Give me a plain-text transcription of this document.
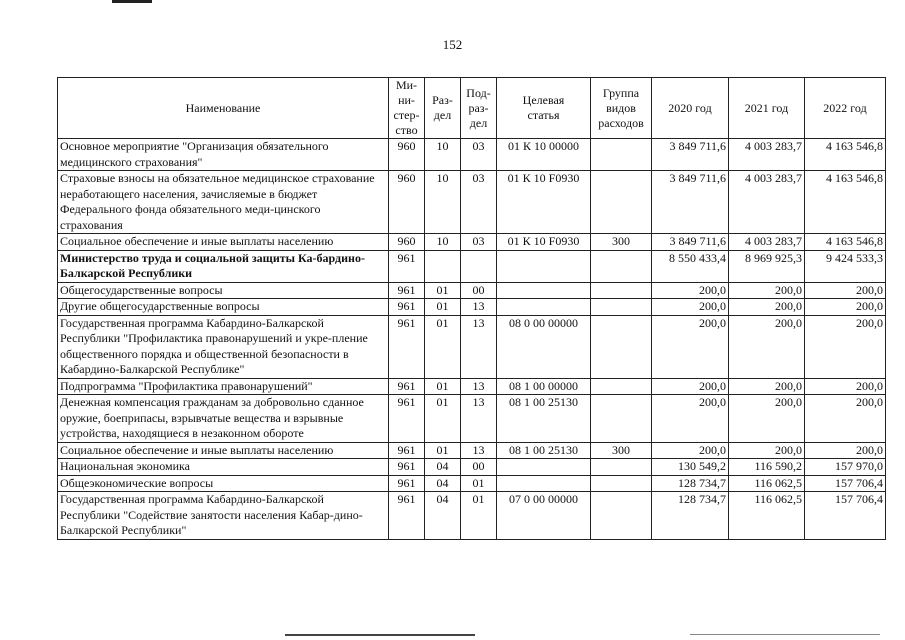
152
Наименование	Ми-
ни-
стер-
ство	Раз-
дел	Под-
раз-
дел	Целевая
статья	Группа
видов
расходов	2020 год	2021 год	2022 год
Основное мероприятие "Организация обязательного медицинского страхования"	960	10	03	01 К 10 00000		3 849 711,6	4 003 283,7	4 163 546,8
Страховые взносы на обязательное медицинское страхование неработающего населения, зачисляемые в бюджет Федерального фонда обязательного меди-цинского страхования	960	10	03	01 К 10 F0930		3 849 711,6	4 003 283,7	4 163 546,8
Социальное обеспечение и иные выплаты населению	960	10	03	01 К 10 F0930	300	3 849 711,6	4 003 283,7	4 163 546,8
Министерство труда и социальной защиты Ка-бардино-Балкарской Республики	961					8 550 433,4	8 969 925,3	9 424 533,3
Общегосударственные вопросы	961	01	00			200,0	200,0	200,0
Другие общегосударственные вопросы	961	01	13			200,0	200,0	200,0
Государственная программа Кабардино-Балкарской Республики "Профилактика правонарушений и укре-пление общественного порядка и общественной безопасности в Кабардино-Балкарской Республике"	961	01	13	08 0 00 00000		200,0	200,0	200,0
Подпрограмма "Профилактика правонарушений"	961	01	13	08 1 00 00000		200,0	200,0	200,0
Денежная компенсация гражданам за добровольно сданное оружие, боеприпасы, взрывчатые вещества и взрывные устройства, находящиеся в незаконном обороте	961	01	13	08 1 00 25130		200,0	200,0	200,0
Социальное обеспечение и иные выплаты населению	961	01	13	08 1 00 25130	300	200,0	200,0	200,0
Национальная экономика	961	04	00			130 549,2	116 590,2	157 970,0
Общеэкономические вопросы	961	04	01			128 734,7	116 062,5	157 706,4
Государственная программа Кабардино-Балкарской Республики "Содействие занятости населения Кабар-дино-Балкарской Республики"	961	04	01	07 0 00 00000		128 734,7	116 062,5	157 706,4
